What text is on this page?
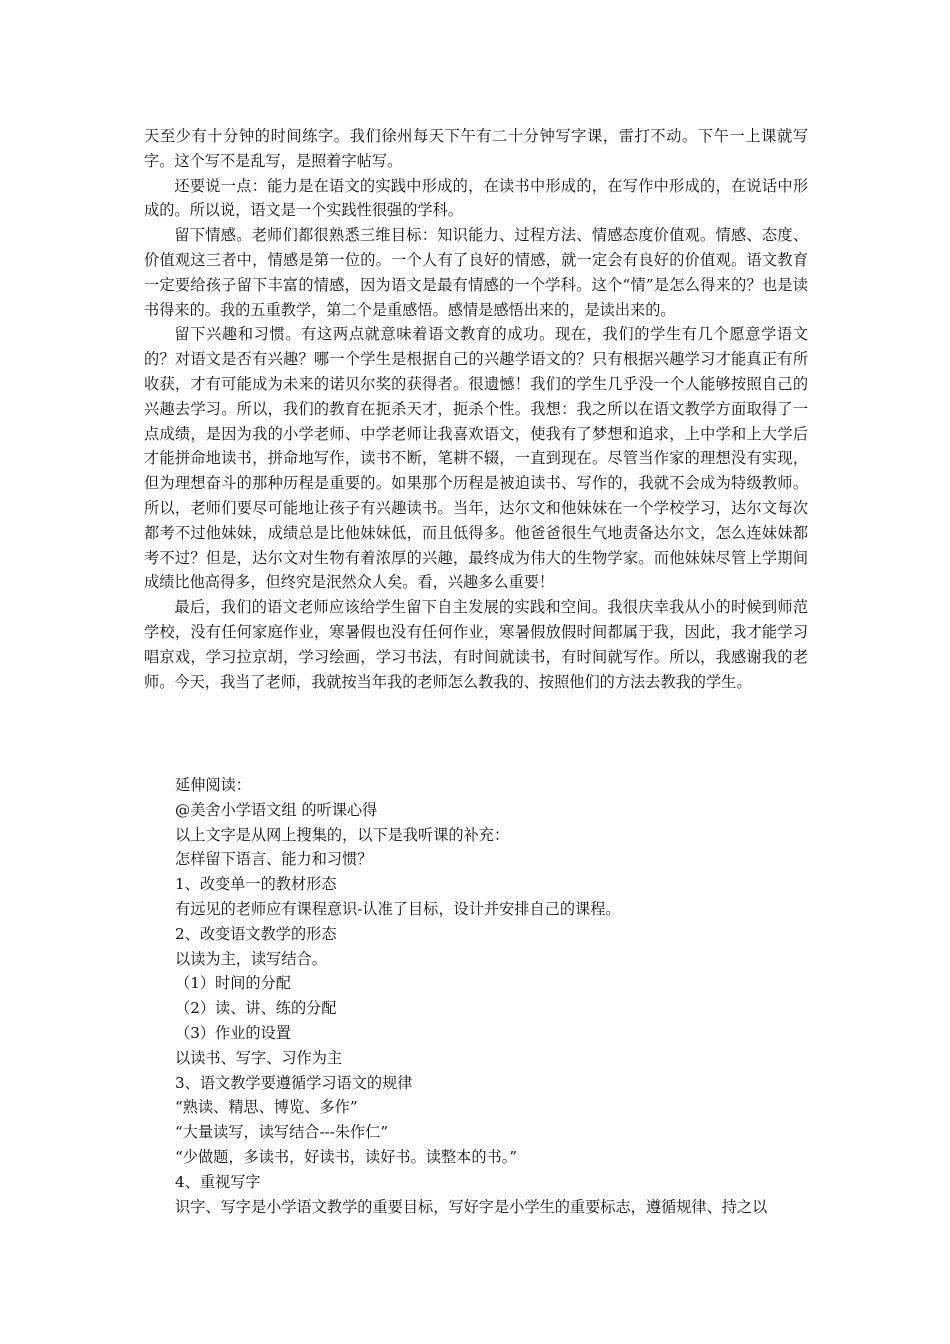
天至少有十分钟的时间练字。我们徐州每天下午有二十分钟写字课，雷打不动。下午一上课就写字。这个写不是乱写，是照着字帖写。

还要说一点：能力是在语文的实践中形成的，在读书中形成的，在写作中形成的，在说话中形成的。所以说，语文是一个实践性很强的学科。

留下情感。老师们都很熟悉三维目标：知识能力、过程方法、情感态度价值观。情感、态度、价值观这三者中，情感是第一位的。一个人有了良好的情感，就一定会有良好的价值观。语文教育一定要给孩子留下丰富的情感，因为语文是最有情感的一个学科。这个“情”是怎么得来的？也是读书得来的。我的五重教学，第二个是重感悟。感情是感悟出来的，是读出来的。

留下兴趣和习惯。有这两点就意味着语文教育的成功。现在，我们的学生有几个愿意学语文的？对语文是否有兴趣？哪一个学生是根据自己的兴趣学语文的？只有根据兴趣学习才能真正有所收获，才有可能成为未来的诺贝尔奖的获得者。很遗憾！我们的学生几乎没一个人能够按照自己的兴趣去学习。所以，我们的教育在扼杀天才，扼杀个性。我想：我之所以在语文教学方面取得了一点成绩，是因为我的小学老师、中学老师让我喜欢语文，使我有了梦想和追求，上中学和上大学后才能拼命地读书，拼命地写作，读书不断，笔耕不辍，一直到现在。尽管当作家的理想没有实现，但为理想奋斗的那种历程是重要的。如果那个历程是被迫读书、写作的，我就不会成为特级教师。所以，老师们要尽可能地让孩子有兴趣读书。当年，达尔文和他妹妹在一个学校学习，达尔文每次都考不过他妹妹，成绩总是比他妹妹低，而且低得多。他爸爸很生气地责备达尔文，怎么连妹妹都考不过？但是，达尔文对生物有着浓厚的兴趣，最终成为伟大的生物学家。而他妹妹尽管上学期间成绩比他高得多，但终究是泯然众人矣。看，兴趣多么重要！

最后，我们的语文老师应该给学生留下自主发展的实践和空间。我很庆幸我从小的时候到师范学校，没有任何家庭作业，寒暑假也没有任何作业，寒暑假放假时间都属于我，因此，我才能学习唱京戏，学习拉京胡，学习绘画，学习书法，有时间就读书，有时间就写作。所以，我感谢我的老师。今天，我当了老师，我就按当年我的老师怎么教我的、按照他们的方法去教我的学生。

延伸阅读：

@美舍小学语文组 的听课心得

以上文字是从网上搜集的，以下是我听课的补充：

怎样留下语言、能力和习惯？

1、改变单一的教材形态

有远见的老师应有课程意识-认准了目标，设计并安排自己的课程。

2、改变语文教学的形态

以读为主，读写结合。

（1）时间的分配

（2）读、讲、练的分配

（3）作业的设置

以读书、写字、习作为主

3、语文教学要遵循学习语文的规律

“熟读、精思、博览、多作”

“大量读写，读写结合---朱作仁”

“少做题，多读书，好读书，读好书。读整本的书。”

4、重视写字

识字、写字是小学语文教学的重要目标，写好字是小学生的重要标志，遵循规律、持之以
